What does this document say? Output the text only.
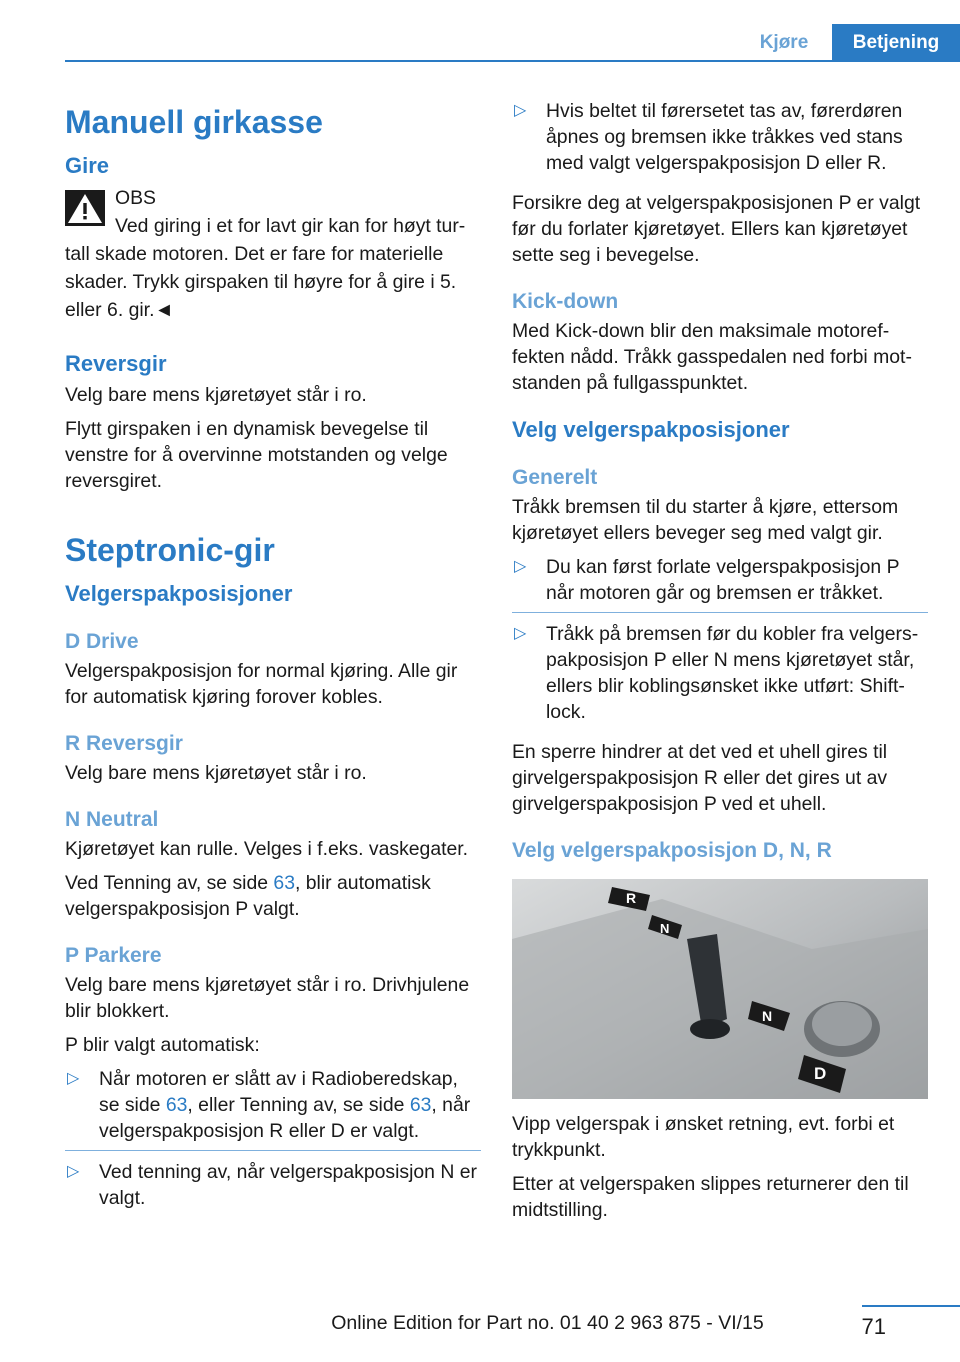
Kjøre	Betjening
Manuell girkasse
Gire
OBS
Ved giring i et for lavt gir kan for høyt turtall skade motoren. Det er fare for materielle skader. Trykk girspaken til høyre for å gire i 5. eller 6. gir.◄
Reversgir

Velg bare mens kjøretøyet står i ro.

Flytt girspaken i en dynamisk bevegelse til venstre for å overvinne motstanden og velge reversgiret.

Steptronic-gir
Velgerspakposisjoner
D Drive

Velgerspakposisjon for normal kjøring. Alle gir for automatisk kjøring forover kobles.

R Reversgir

Velg bare mens kjøretøyet står i ro.

N Neutral

Kjøretøyet kan rulle. Velges i f.eks. vaskegater.

Ved Tenning av, se side 63, blir automatisk velgerspakposisjon P valgt.

P Parkere

Velg bare mens kjøretøyet står i ro. Drivhjulene blir blokkert.

P blir valgt automatisk:

▷ Når motoren er slått av i Radioberedskap, se side 63, eller Tenning av, se side 63, når velgerspakposisjon R eller D er valgt.
▷ Ved tenning av, når velgerspakposisjon N er valgt.
▷ Hvis beltet til førersetet tas av, førerdøren åpnes og bremsen ikke tråkkes ved stans med valgt velgerspakposisjon D eller R.

Forsikre deg at velgerspakposisjonen P er valgt før du forlater kjøretøyet. Ellers kan kjøretøyet sette seg i bevegelse.

Kick-down

Med Kick-down blir den maksimale motoreffekten nådd. Tråkk gasspedalen ned forbi motstanden på fullgasspunktet.

Velg velgerspakposisjoner
Generelt

Tråkk bremsen til du starter å kjøre, ettersom kjøretøyet ellers beveger seg med valgt gir.

▷ Du kan først forlate velgerspakposisjon P når motoren går og bremsen er tråkket.
▷ Tråkk på bremsen før du kobler fra velgerspakposisjon P eller N mens kjøretøyet står, ellers blir koblingsønsket ikke utført: Shift-lock.

En sperre hindrer at det ved et uhell gires til girvelgerspakposisjon R eller det gires ut av girvelgerspakposisjon P ved et uhell.

Velg velgerspakposisjon D, N, R
R
N
N
D

Vipp velgerspak i ønsket retning, evt. forbi et trykkpunkt.

Etter at velgerspaken slippes returnerer den til midtstilling.

71
Online Edition for Part no. 01 40 2 963 875 - VI/15
